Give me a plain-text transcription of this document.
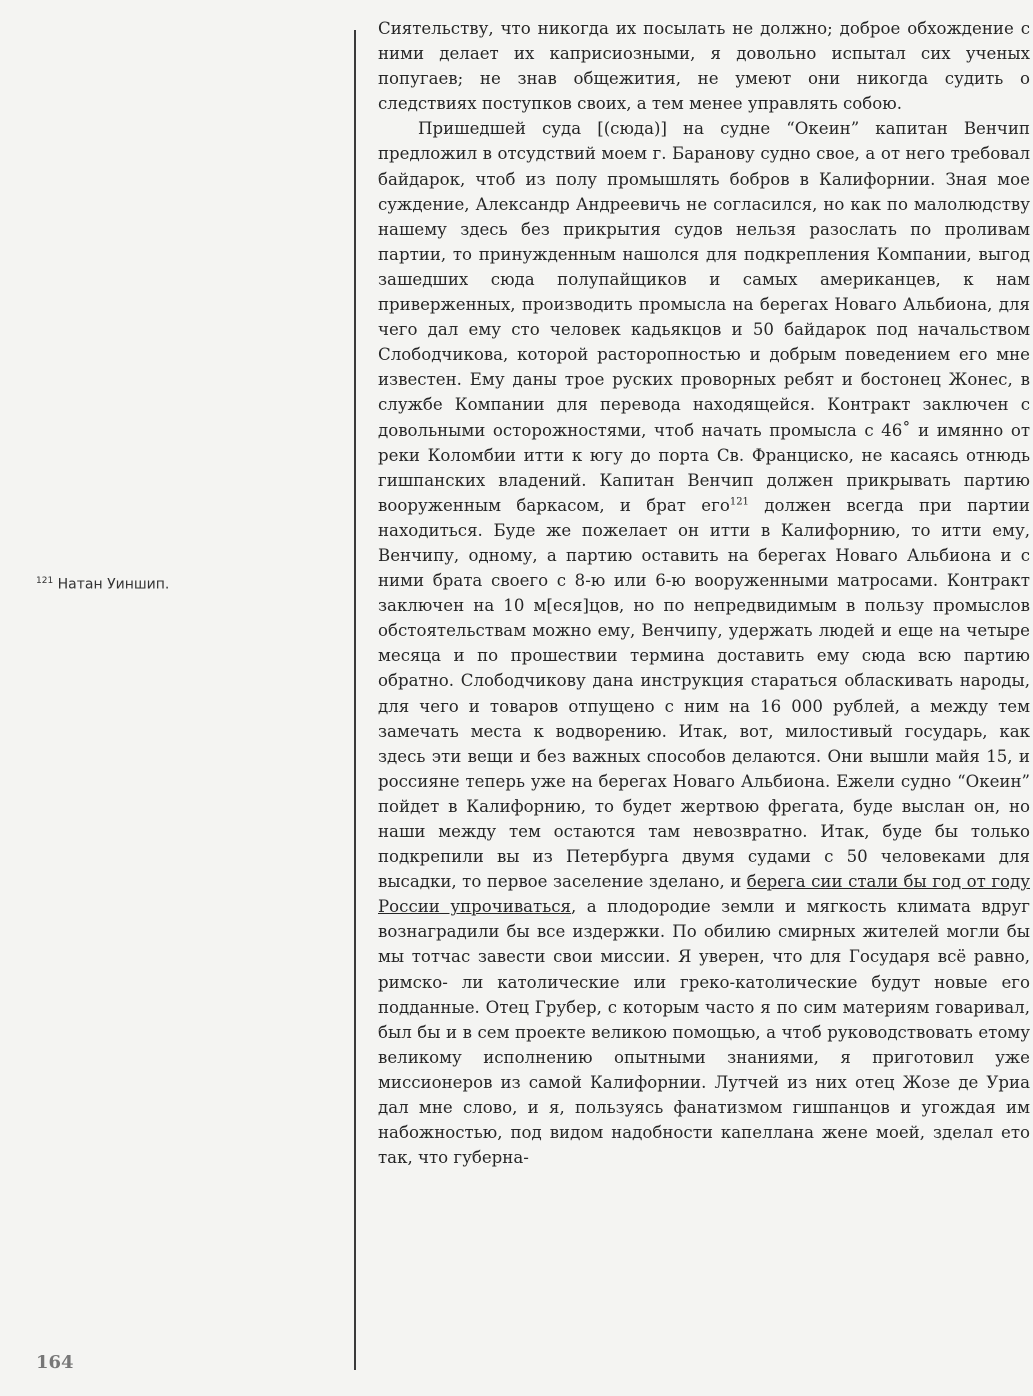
$^{121}$ Натан Уиншип.

Сиятельству, что никогда их посылать не должно; доброе обхождение с ними делает их каприсиозными, я довольно испытал сих ученых попугаев; не знав общежития, не умеют они никогда судить о следствиях поступков своих, а тем менее управлять собою.

Пришедшей суда [(сюда)] на судне “Океин” капитан Венчип предложил в отсудствий моем г. Баранову судно свое, а от него требовал байдарок, чтоб из полу промышлять бобров в Калифорнии. Зная мое суждение, Александр Андреевичь не согласился, но как по малолюдству нашему здесь без прикрытия судов нельзя разослать по проливам партии, то принужденным нашолся для подкрепления Компании, выгод зашедших сюда полупайщиков и самых американцев, к нам приверженных, производить промысла на берегах Новаго Альбиона, для чего дал ему сто человек кадьякцов и 50 байдарок под начальством Слободчикова, которой расторопностью и добрым поведением его мне известен. Ему даны трое руских проворных ребят и бостонец Жонес, в службе Компании для перевода находящейся. Контракт заключен с довольными осторожностями, чтоб начать промысла с 46˚ и имянно от реки Коломбии итти к югу до порта Св. Франциско, не касаясь отнюдь гишпанских владений. Капитан Венчип должен прикрывать партию вооруженным баркасом, и брат его$^{121}$ должен всегда при партии находиться. Буде же пожелает он итти в Калифорнию, то итти ему, Венчипу, одному, а партию оставить на берегах Новаго Альбиона и с ними брата своего с 8-ю или 6-ю вооруженными матросами. Контракт заключен на 10 м[еся]цов, но по непредвидимым в пользу промыслов обстоятельствам можно ему, Венчипу, удержать людей и еще на четыре месяца и по прошествии термина доставить ему сюда всю партию обратно. Слободчикову дана инструкция стараться обласкивать народы, для чего и товаров отпущено с ним на 16 000 рублей, а между тем замечать места к водворению. Итак, вот, милостивый государь, как здесь эти вещи и без важных способов делаются. Они вышли майя 15, и россияне теперь уже на берегах Новаго Альбиона. Ежели судно “Океин” пойдет в Калифорнию, то будет жертвою фрегата, буде выслан он, но наши между тем остаются там невозвратно. Итак, буде бы только подкрепили вы из Петербурга двумя судами с 50 человеками для высадки, то первое заселение зделано, и берега сии стали бы год от году России упрочиваться, а плодородие земли и мягкость климата вдруг вознаградили бы все издержки. По обилию смирных жителей могли бы мы тотчас завести свои миссии. Я уверен, что для Государя всё равно, римско- ли католические или греко-католические будут новые его подданные. Отец Грубер, с которым часто я по сим материям говаривал, был бы и в сем проекте великою помощью, а чтоб руководствовать етому великому исполнению опытными знаниями, я приготовил уже миссионеров из самой Калифорнии. Лутчей из них отец Жозе де Уриа дал мне слово, и я, пользуясь фанатизмом гишпанцов и угождая им набожностью, под видом надобности капеллана жене моей, зделал ето так, что губерна-

164
